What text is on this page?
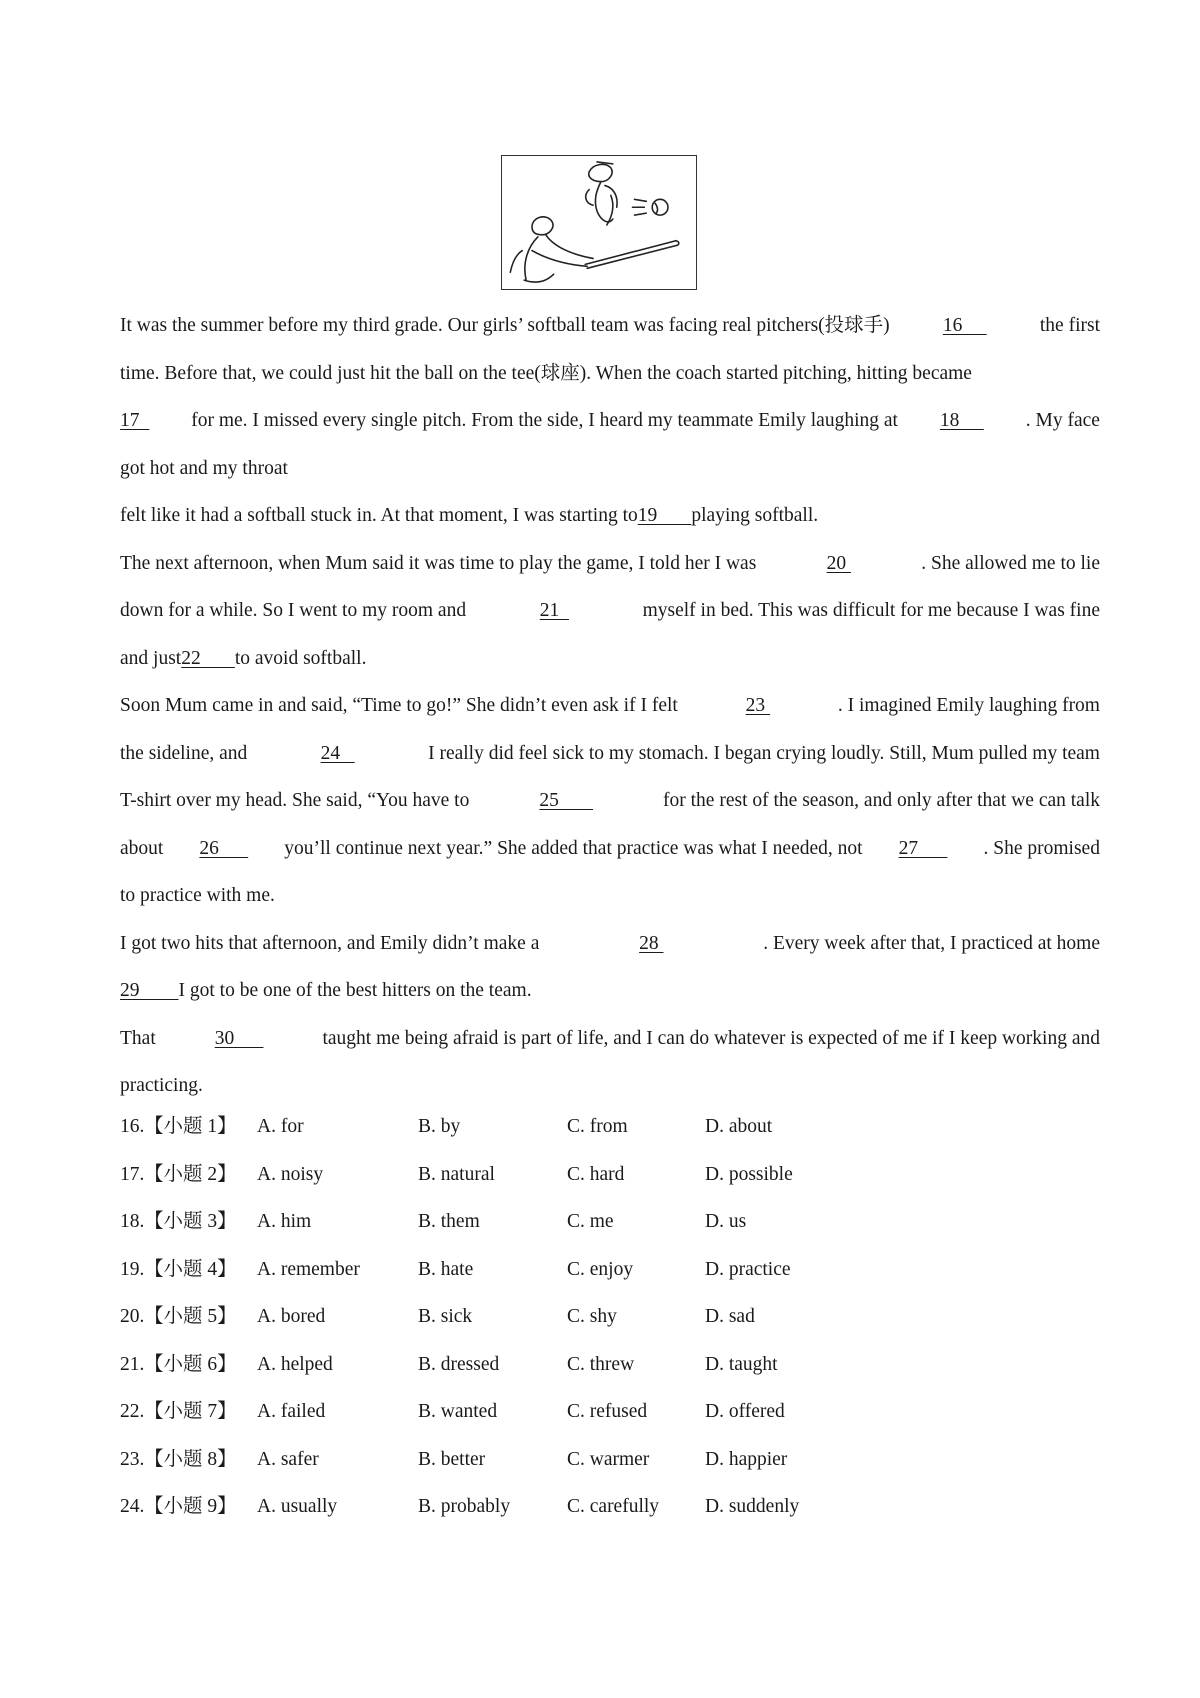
It was the summer before my third grade. Our girls’ softball team was facing real pitchers(投球手)	16	the first
time. Before that, we could just hit the ball on the tee(球座). When the coach started pitching, hitting became
17 for me. I missed every single pitch. From the side, I heard my teammate Emily laughing at 18 . My face
got hot and my throat
felt like it had a softball stuck in. At that moment, I was starting to 19 playing softball.
The next afternoon, when Mum said it was time to play the game, I told her I was	20	. She allowed me to lie
down for a while. So I went to my room and	21	myself in bed. This was difficult for me because I was fine
and just 22 to avoid softball.
Soon Mum came in and said, “Time to go!” She didn’t even ask if I felt	23	. I imagined Emily laughing from
the sideline, and	24	I really did feel sick to my stomach. I began crying loudly. Still, Mum pulled my team
T-shirt over my head. She said, “You have to	25	for the rest of the season, and only after that we can talk
about 26 you’ll continue next year.” She added that practice was what I needed, not 27 . She promised
to practice with me.
I got two hits that afternoon, and Emily didn’t make a	28	. Every week after that, I practiced at home
29 I got to be one of the best hitters on the team.
That	30	taught me being afraid is part of life, and I can do whatever is expected of me if I keep working and
practicing.
16. 【小题 1】 A. for	B. by	C. from	D. about
17. 【小题 2】 A. noisy	B. natural	C. hard	D. possible
18. 【小题 3】 A. him	B. them	C. me	D. us
19. 【小题 4】 A. remember	B. hate	C. enjoy	D. practice
20. 【小题 5】 A. bored	B. sick	C. shy	D. sad
21. 【小题 6】 A. helped	B. dressed	C. threw	D. taught
22. 【小题 7】 A. failed	B. wanted	C. refused	D. offered
23. 【小题 8】 A. safer	B. better	C. warmer	D. happier
24. 【小题 9】 A. usually	B. probably	C. carefully D. suddenly
